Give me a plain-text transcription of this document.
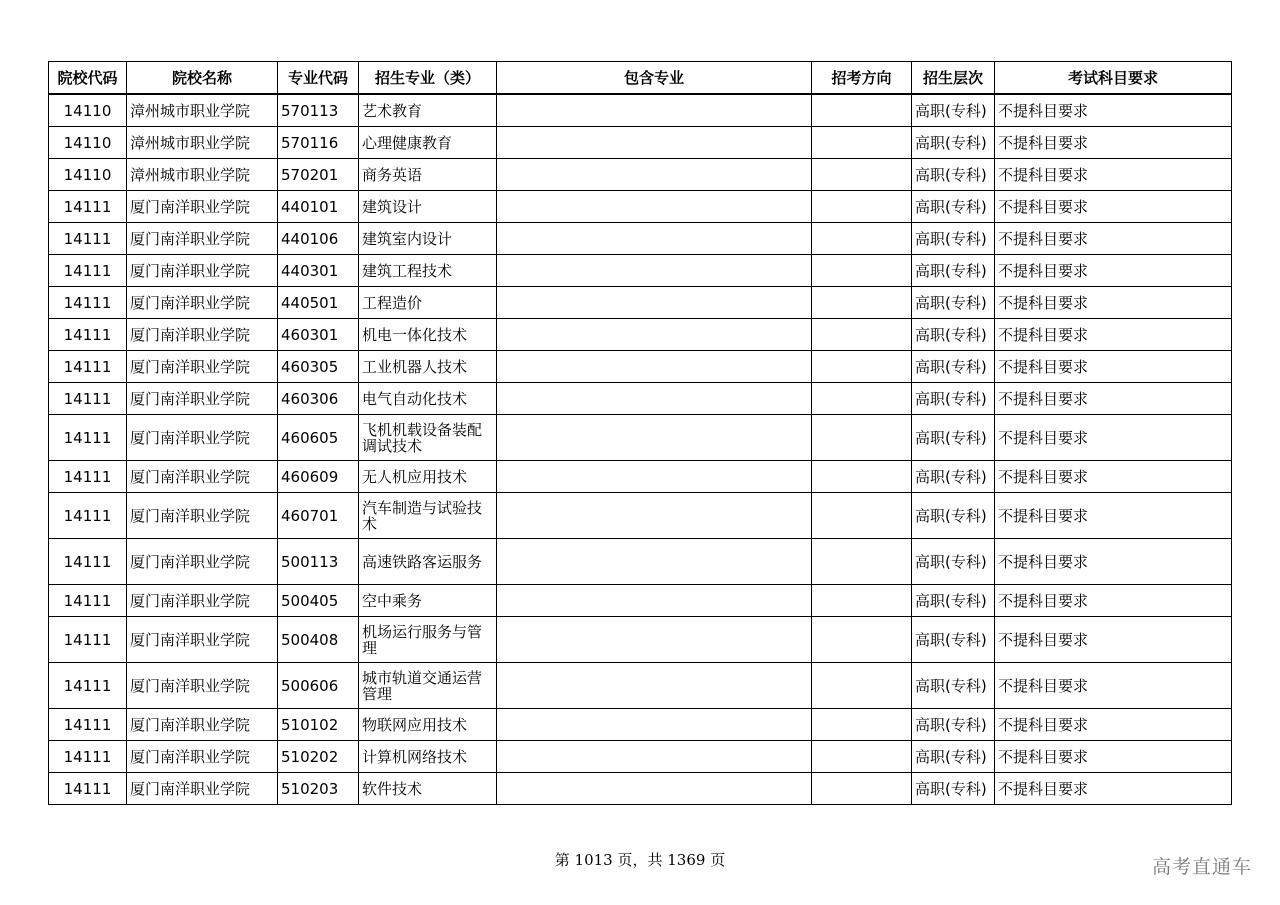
院校代码	院校名称	专业代码	招生专业（类）	包含专业	招考方向	招生层次	考试科目要求
14110	漳州城市职业学院	570113	艺术教育			高职(专科)	不提科目要求
14110	漳州城市职业学院	570116	心理健康教育			高职(专科)	不提科目要求
14110	漳州城市职业学院	570201	商务英语			高职(专科)	不提科目要求
14111	厦门南洋职业学院	440101	建筑设计			高职(专科)	不提科目要求
14111	厦门南洋职业学院	440106	建筑室内设计			高职(专科)	不提科目要求
14111	厦门南洋职业学院	440301	建筑工程技术			高职(专科)	不提科目要求
14111	厦门南洋职业学院	440501	工程造价			高职(专科)	不提科目要求
14111	厦门南洋职业学院	460301	机电一体化技术			高职(专科)	不提科目要求
14111	厦门南洋职业学院	460305	工业机器人技术			高职(专科)	不提科目要求
14111	厦门南洋职业学院	460306	电气自动化技术			高职(专科)	不提科目要求
14111	厦门南洋职业学院	460605	飞机机载设备装配调试技术			高职(专科)	不提科目要求
14111	厦门南洋职业学院	460609	无人机应用技术			高职(专科)	不提科目要求
14111	厦门南洋职业学院	460701	汽车制造与试验技术			高职(专科)	不提科目要求
14111	厦门南洋职业学院	500113	高速铁路客运服务			高职(专科)	不提科目要求
14111	厦门南洋职业学院	500405	空中乘务			高职(专科)	不提科目要求
14111	厦门南洋职业学院	500408	机场运行服务与管理			高职(专科)	不提科目要求
14111	厦门南洋职业学院	500606	城市轨道交通运营管理			高职(专科)	不提科目要求
14111	厦门南洋职业学院	510102	物联网应用技术			高职(专科)	不提科目要求
14111	厦门南洋职业学院	510202	计算机网络技术			高职(专科)	不提科目要求
14111	厦门南洋职业学院	510203	软件技术			高职(专科)	不提科目要求
第 1013 页，共 1369 页	高考直通车
